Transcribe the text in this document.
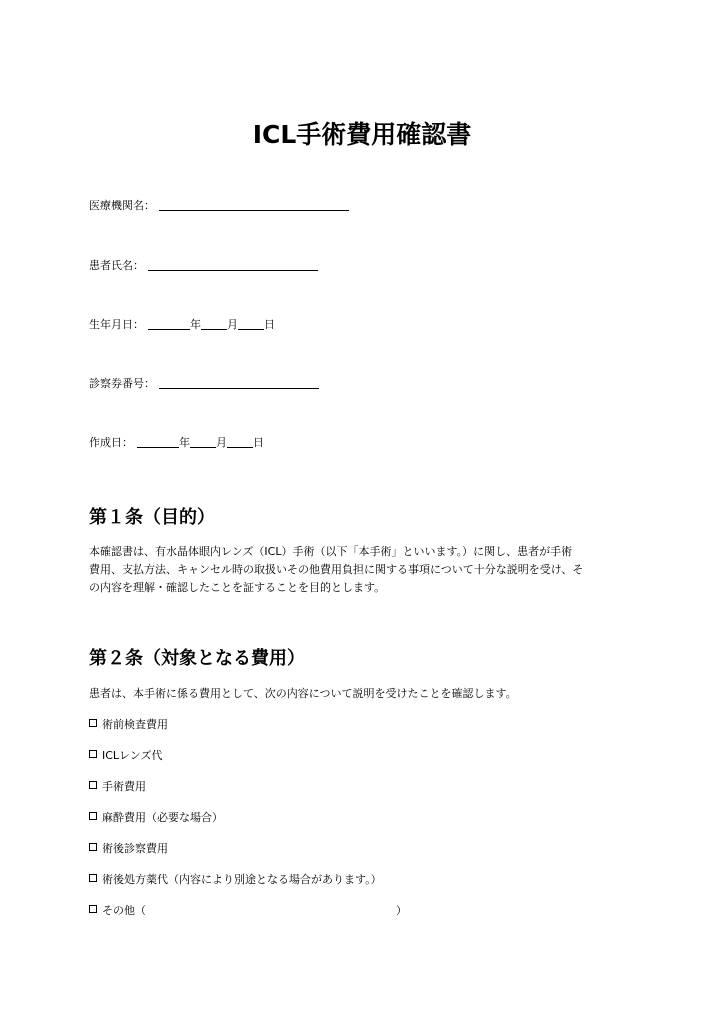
ICL手術費用確認書

医療機関名：

患者氏名：

生年月日：	年 月 日

診察券番号：

作成日：	年 月 日

第１条（目的）

本確認書は、有水晶体眼内レンズ（ICL）手術（以下「本手術」といいます。）に関し、患者が手術
費用、支払方法、キャンセル時の取扱いその他費用負担に関する事項について十分な説明を受け、そ
の内容を理解・確認したことを証することを目的とします。

第２条（対象となる費用）

患者は、本手術に係る費用として、次の内容について説明を受けたことを確認します。

術前検査費用

ICLレンズ代

手術費用

麻酔費用（必要な場合）

術後診察費用

術後処方薬代（内容により別途となる場合があります。）

その他（	）
